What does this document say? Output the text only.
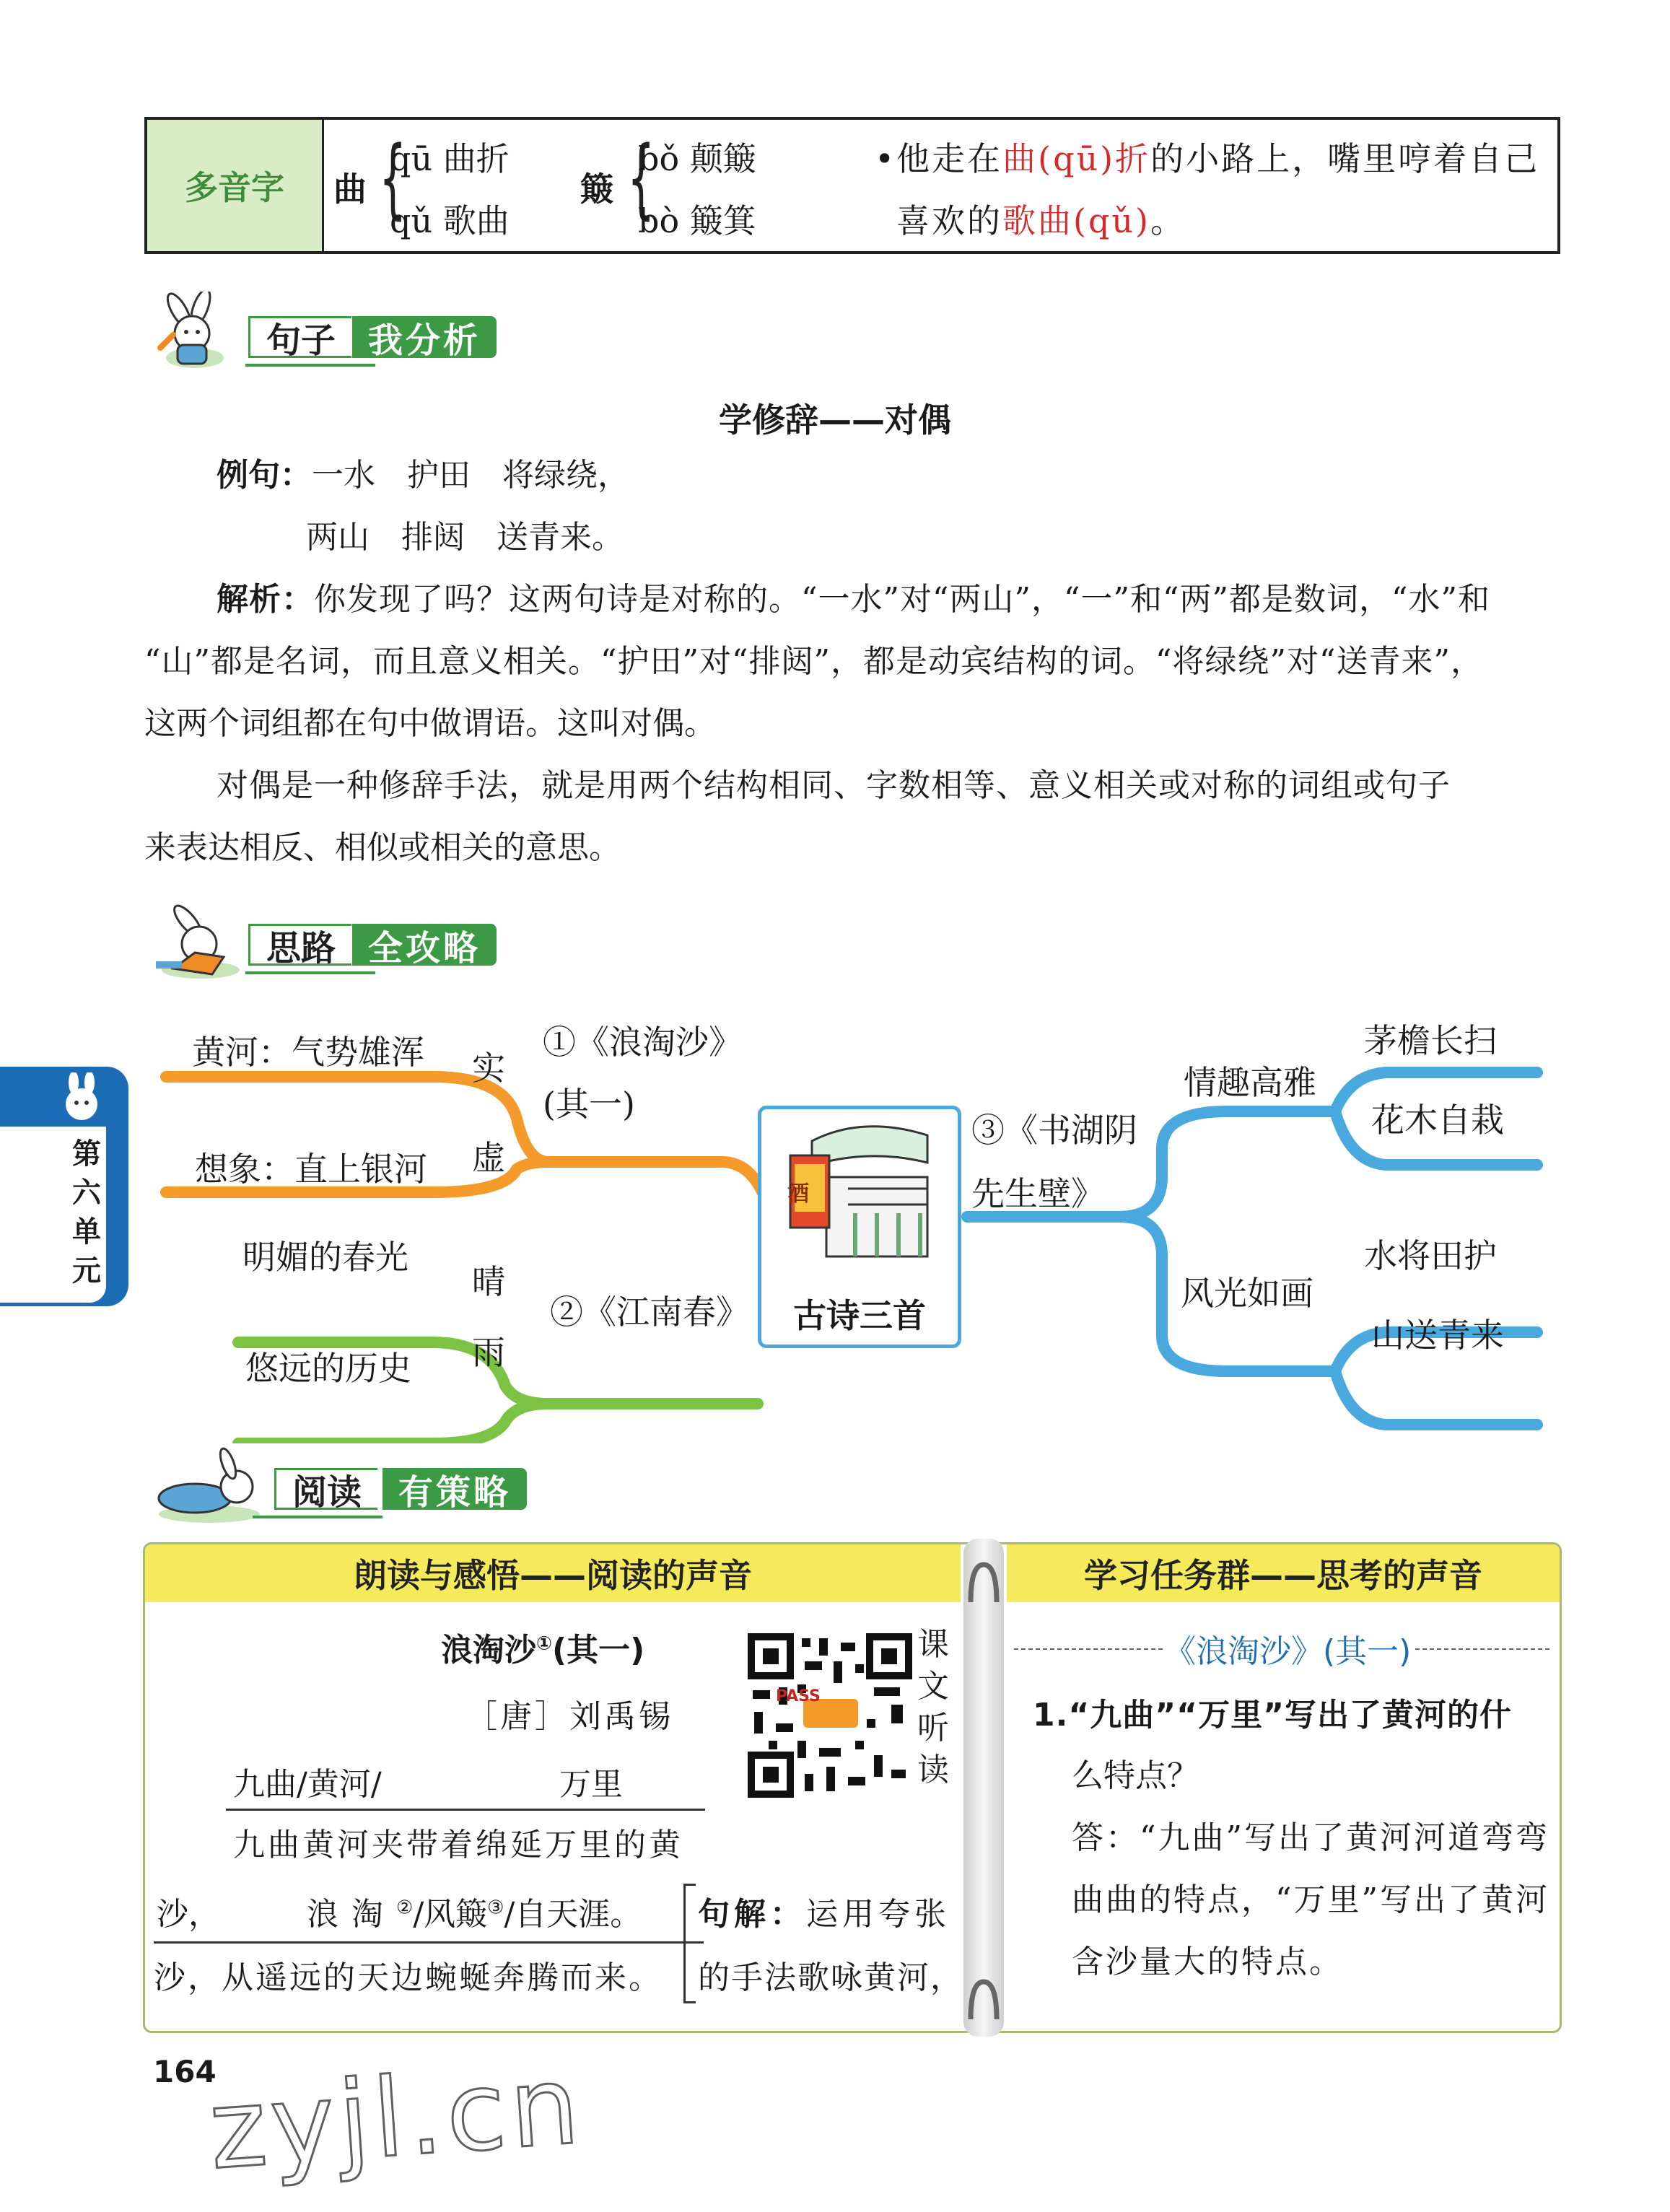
多音字	曲 {
qū 曲折
qǔ 歌曲
簸 {
bǒ 颠簸
bò 簸箕
•他走在曲(qū)折的小路上，嘴里哼着自己
喜欢的歌曲(qǔ)。
句子 我分析
学修辞——对偶
例句：一水　护田　将绿绕，
两山　排闼　送青来。
解析：你发现了吗？这两句诗是对称的。“一水”对“两山”，“一”和“两”都是数词，“水”和
“山”都是名词，而且意义相关。“护田”对“排闼”，都是动宾结构的词。“将绿绕”对“送青来”，
这两个词组都在句中做谓语。这叫对偶。
对偶是一种修辞手法，就是用两个结构相同、字数相等、意义相关或对称的词组或句子
来表达相反、相似或相关的意思。
思路 全攻略
第
六
单
元
酒
古诗三首
黄河：气势雄浑 实
想象：直上银河 虚
①《浪淘沙》
(其一)
明媚的春光
晴
悠远的历史 雨
②《江南春》
③《书湖阴
先生壁》
情趣高雅
茅檐长扫
花木自栽
风光如画
水将田护
山送青来
阅读	有策略
朗读与感悟——阅读的声音	学习任务群——思考的声音
浪淘沙①(其一)
［唐］刘禹锡
九曲/黄河/	万里
九曲黄河夹带着绵延万里的黄
沙，	浪淘②/风簸③/自天涯。
沙，从遥远的天边蜿蜒奔腾而来。
句解：运用夸张
的手法歌咏黄河，
PASS
课
文
听
读
《浪淘沙》(其一)
1.“九曲”“万里”写出了黄河的什
么特点？
答：“九曲”写出了黄河河道弯弯
曲曲的特点，“万里”写出了黄河
含沙量大的特点。
164
zyjl.cn
